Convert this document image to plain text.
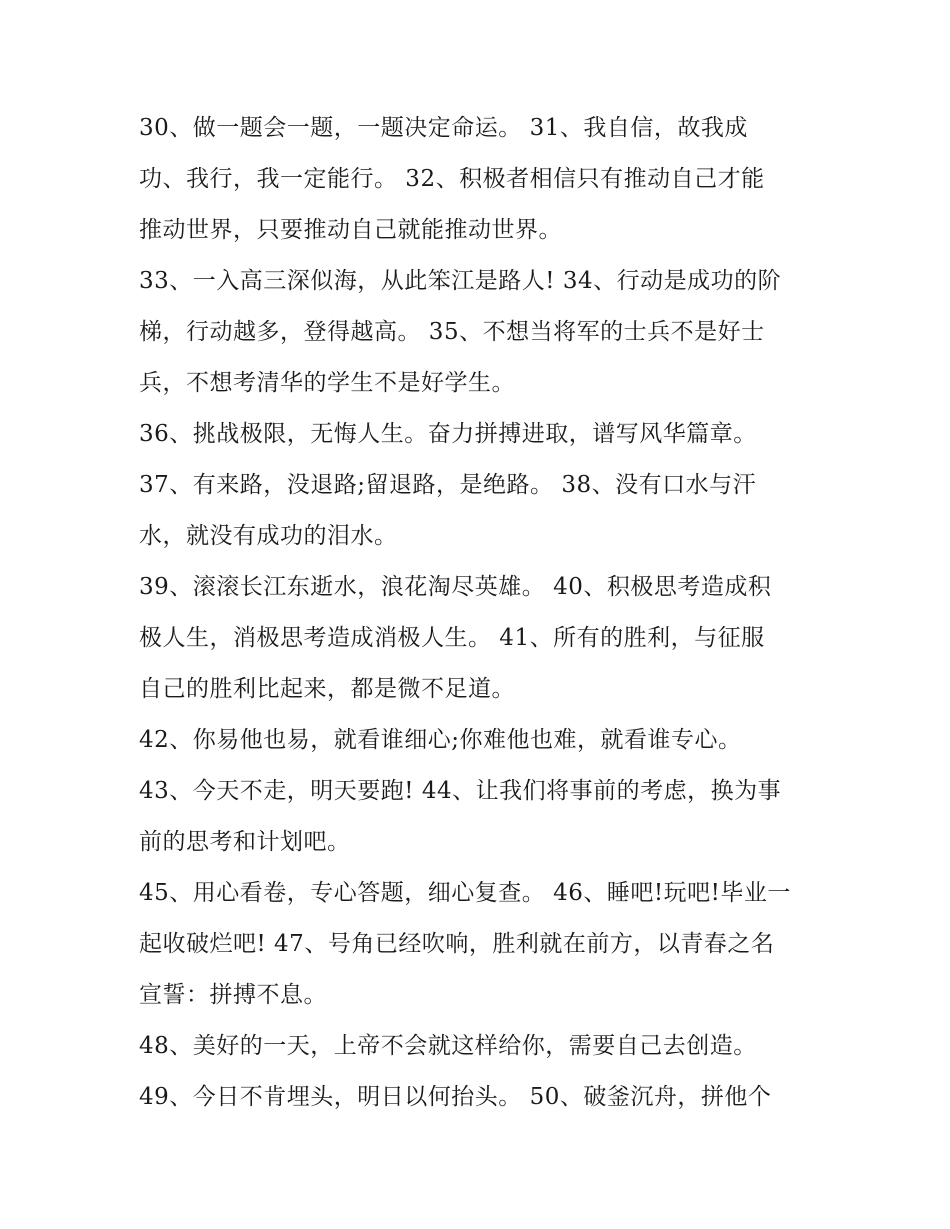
30、做一题会一题，一题决定命运。 31、我自信，故我成
功、我行，我一定能行。 32、积极者相信只有推动自己才能
推动世界，只要推动自己就能推动世界。
33、一入高三深似海，从此笨江是路人! 34、行动是成功的阶
梯，行动越多，登得越高。 35、不想当将军的士兵不是好士
兵，不想考清华的学生不是好学生。
36、挑战极限，无悔人生。奋力拼搏进取，谱写风华篇章。
37、有来路，没退路;留退路，是绝路。 38、没有口水与汗
水，就没有成功的泪水。
39、滚滚长江东逝水，浪花淘尽英雄。 40、积极思考造成积
极人生，消极思考造成消极人生。 41、所有的胜利，与征服
自己的胜利比起来，都是微不足道。
42、你易他也易，就看谁细心;你难他也难，就看谁专心。
43、今天不走，明天要跑! 44、让我们将事前的考虑，换为事
前的思考和计划吧。
45、用心看卷，专心答题，细心复查。 46、睡吧!玩吧!毕业一
起收破烂吧! 47、号角已经吹响，胜利就在前方，以青春之名
宣誓：拼搏不息。
48、美好的一天，上帝不会就这样给你，需要自己去创造。
49、今日不肯埋头，明日以何抬头。 50、破釜沉舟，拼他个
